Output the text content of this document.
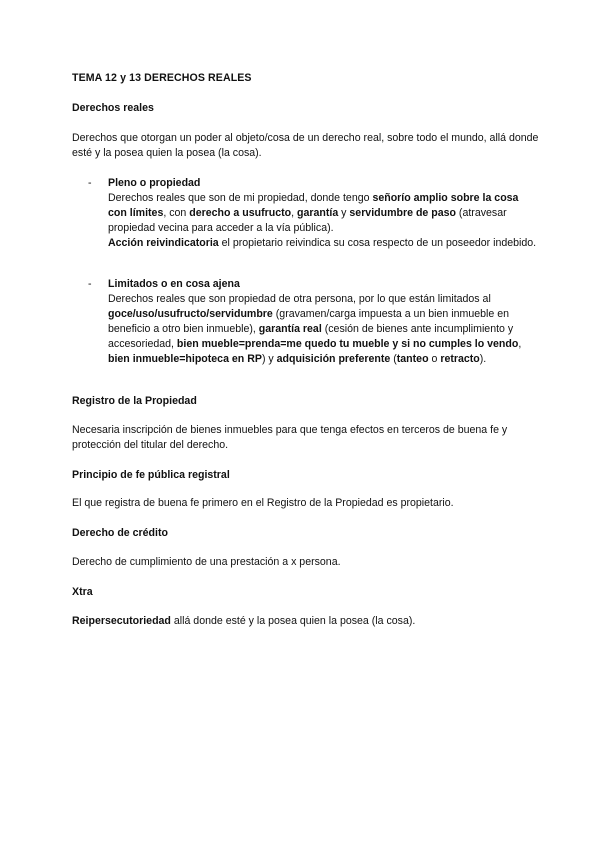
TEMA 12 y 13 DERECHOS REALES
Derechos reales
Derechos que otorgan un poder al objeto/cosa de un derecho real, sobre todo el mundo, allá donde esté y la posea quien la posea (la cosa).
-	Pleno o propiedad
Derechos reales que son de mi propiedad, donde tengo señorío amplio sobre la cosa con límites, con derecho a usufructo, garantía y servidumbre de paso (atravesar propiedad vecina para acceder a la vía pública).
Acción reivindicatoria el propietario reivindica su cosa respecto de un poseedor indebido.
-	Limitados o en cosa ajena
Derechos reales que son propiedad de otra persona, por lo que están limitados al goce/uso/usufructo/servidumbre (gravamen/carga impuesta a un bien inmueble en beneficio a otro bien inmueble), garantía real (cesión de bienes ante incumplimiento y accesoriedad, bien mueble=prenda=me quedo tu mueble y si no cumples lo vendo, bien inmueble=hipoteca en RP) y adquisición preferente (tanteo o retracto).
Registro de la Propiedad
Necesaria inscripción de bienes inmuebles para que tenga efectos en terceros de buena fe y protección del titular del derecho.
Principio de fe pública registral
El que registra de buena fe primero en el Registro de la Propiedad es propietario.
Derecho de crédito
Derecho de cumplimiento de una prestación a x persona.
Xtra
Reipersecutoriedad allá donde esté y la posea quien la posea (la cosa).
